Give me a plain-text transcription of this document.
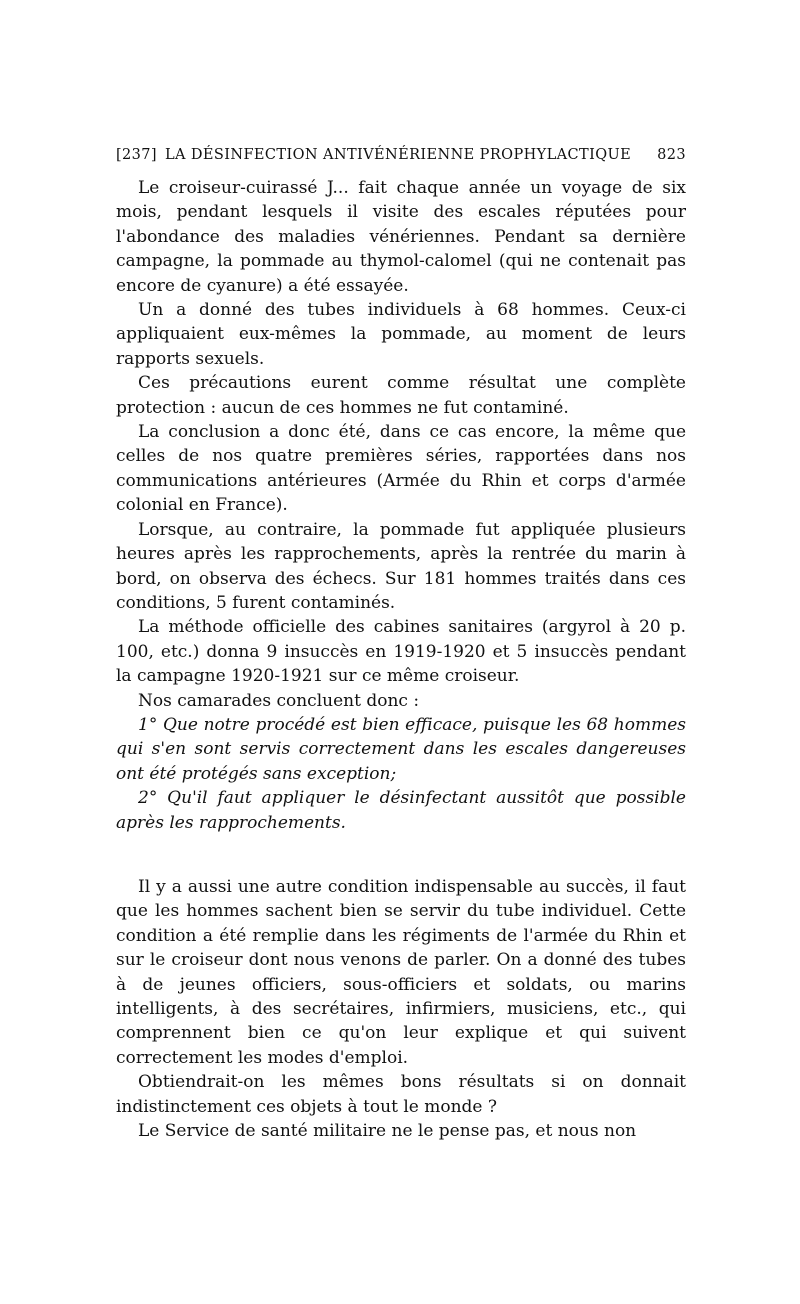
[237] LA DÉSINFECTION ANTIVÉNÉRIENNE PROPHYLACTIQUE	823

Le croiseur-cuirassé J... fait chaque année un voyage de six mois, pendant lesquels il visite des escales réputées pour l'abondance des maladies vénériennes. Pendant sa dernière campagne, la pommade au thymol-calomel (qui ne contenait pas encore de cyanure) a été essayée.

Un a donné des tubes individuels à 68 hommes. Ceux-ci appliquaient eux-mêmes la pommade, au moment de leurs rapports sexuels.

Ces précautions eurent comme résultat une complète protection : aucun de ces hommes ne fut contaminé.

La conclusion a donc été, dans ce cas encore, la même que celles de nos quatre premières séries, rapportées dans nos communications antérieures (Armée du Rhin et corps d'armée colonial en France).

Lorsque, au contraire, la pommade fut appliquée plusieurs heures après les rapprochements, après la rentrée du marin à bord, on observa des échecs. Sur 181 hommes traités dans ces conditions, 5 furent contaminés.

La méthode officielle des cabines sanitaires (argyrol à 20 p. 100, etc.) donna 9 insuccès en 1919-1920 et 5 insuccès pendant la campagne 1920-1921 sur ce même croiseur.

Nos camarades concluent donc :

1° Que notre procédé est bien efficace, puisque les 68 hommes qui s'en sont servis correctement dans les escales dangereuses ont été protégés sans exception;

2° Qu'il faut appliquer le désinfectant aussitôt que possible après les rapprochements.

Il y a aussi une autre condition indispensable au succès, il faut que les hommes sachent bien se servir du tube individuel. Cette condition a été remplie dans les régiments de l'armée du Rhin et sur le croiseur dont nous venons de parler. On a donné des tubes à de jeunes officiers, sous-officiers et soldats, ou marins intelligents, à des secrétaires, infirmiers, musiciens, etc., qui comprennent bien ce qu'on leur explique et qui suivent correctement les modes d'emploi.

Obtiendrait-on les mêmes bons résultats si on donnait indistinctement ces objets à tout le monde ?

Le Service de santé militaire ne le pense pas, et nous non
